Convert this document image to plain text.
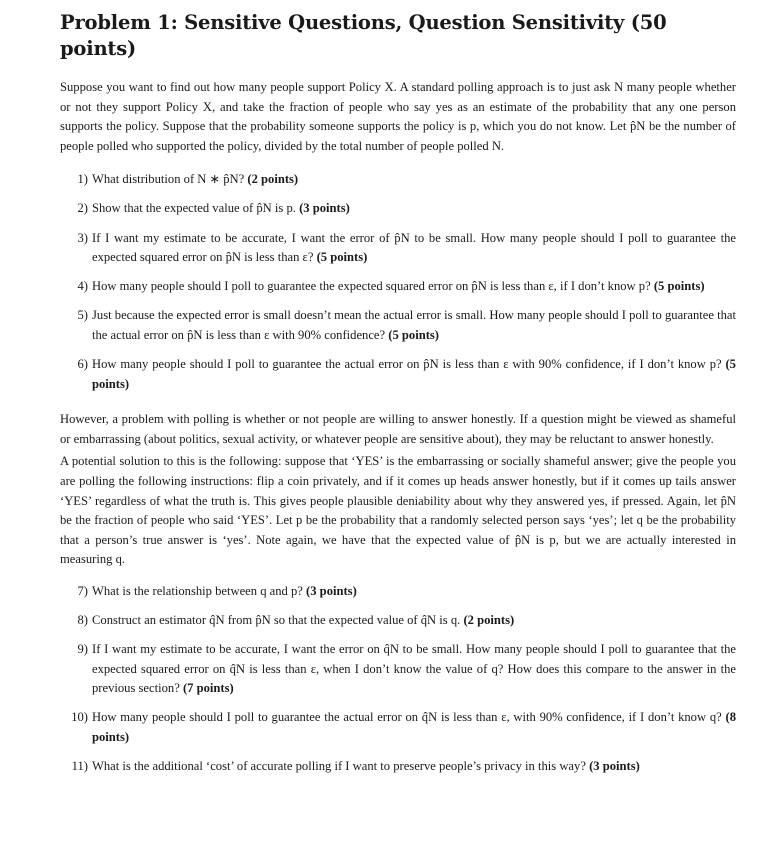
Problem 1: Sensitive Questions, Question Sensitivity (50 points)

Suppose you want to find out how many people support Policy X. A standard polling approach is to just ask N many people whether or not they support Policy X, and take the fraction of people who say yes as an estimate of the probability that any one person supports the policy. Suppose that the probability someone supports the policy is p, which you do not know. Let p̂N be the number of people polled who supported the policy, divided by the total number of people polled N.

1) What distribution of N ∗ p̂N? (2 points)
2) Show that the expected value of p̂N is p. (3 points)
3) If I want my estimate to be accurate, I want the error of p̂N to be small. How many people should I poll to guarantee the expected squared error on p̂N is less than ε? (5 points)
4) How many people should I poll to guarantee the expected squared error on p̂N is less than ε, if I don’t know p? (5 points)
5) Just because the expected error is small doesn’t mean the actual error is small. How many people should I poll to guarantee that the actual error on p̂N is less than ε with 90% confidence? (5 points)
6) How many people should I poll to guarantee the actual error on p̂N is less than ε with 90% confidence, if I don’t know p? (5 points)

However, a problem with polling is whether or not people are willing to answer honestly. If a question might be viewed as shameful or embarrassing (about politics, sexual activity, or whatever people are sensitive about), they may be reluctant to answer honestly.

A potential solution to this is the following: suppose that ‘YES’ is the embarrassing or socially shameful answer; give the people you are polling the following instructions: flip a coin privately, and if it comes up heads answer honestly, but if it comes up tails answer ‘YES’ regardless of what the truth is. This gives people plausible deniability about why they answered yes, if pressed. Again, let p̂N be the fraction of people who said ‘YES’. Let p be the probability that a randomly selected person says ‘yes’; let q be the probability that a person’s true answer is ‘yes’. Note again, we have that the expected value of p̂N is p, but we are actually interested in measuring q.

7) What is the relationship between q and p? (3 points)
8) Construct an estimator q̂N from p̂N so that the expected value of q̂N is q. (2 points)
9) If I want my estimate to be accurate, I want the error on q̂N to be small. How many people should I poll to guarantee that the expected squared error on q̂N is less than ε, when I don’t know the value of q? How does this compare to the answer in the previous section? (7 points)
10) How many people should I poll to guarantee the actual error on q̂N is less than ε, with 90% confidence, if I don’t know q? (8 points)
11) What is the additional ‘cost’ of accurate polling if I want to preserve people’s privacy in this way? (3 points)
